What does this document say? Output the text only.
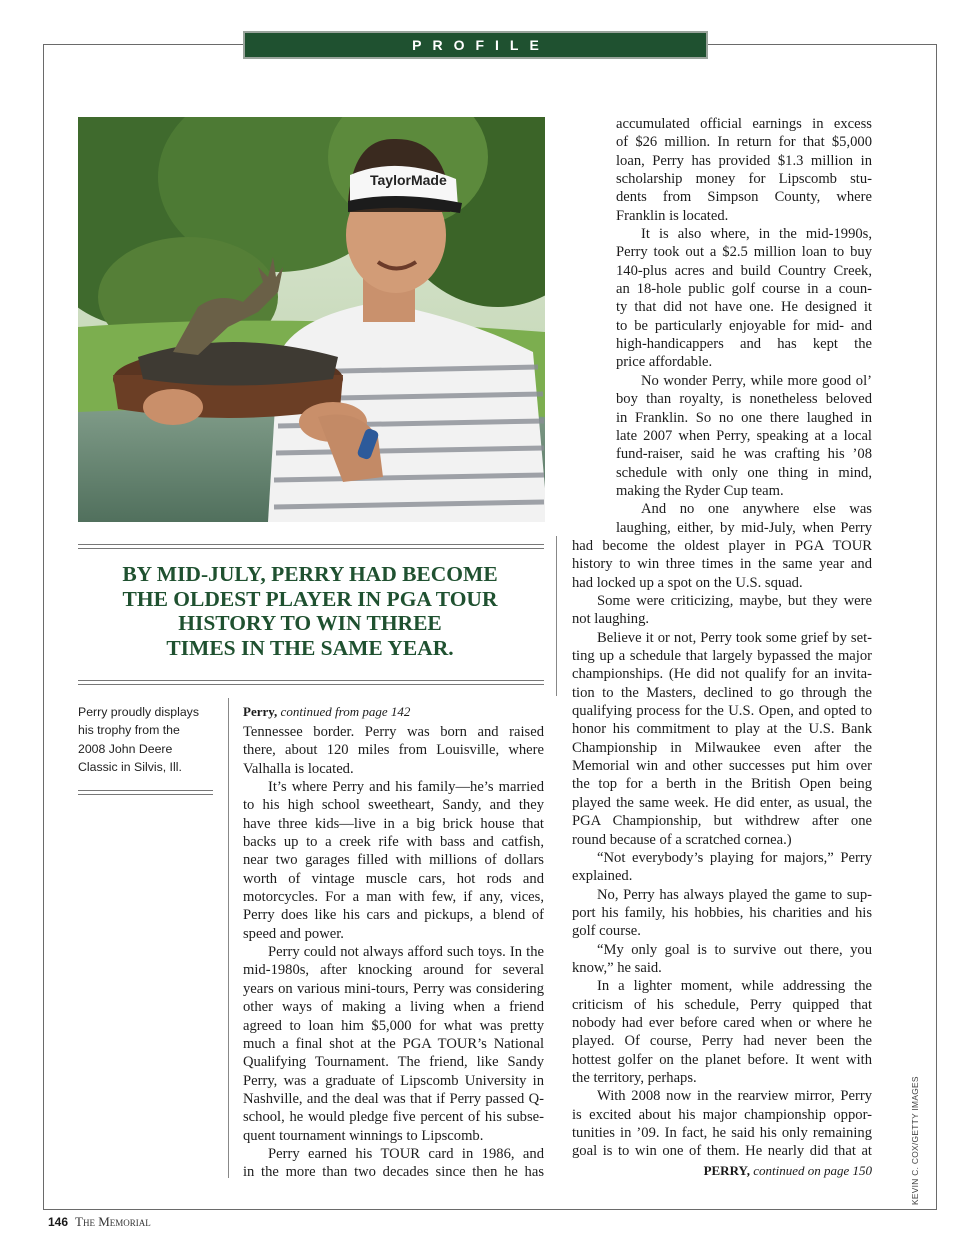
PROFILE
TaylorMade
BY MID-JULY, PERRY HAD BECOME
THE OLDEST PLAYER IN PGA TOUR
HISTORY TO WIN THREE
TIMES IN THE SAME YEAR.
Perry proudly displays
his trophy from the
2008 John Deere
Classic in Silvis, Ill.
Perry, continued from page 142
Tennessee border. Perry was born and raised
there, about 120 miles from Louisville, where
Valhalla is located.
It’s where Perry and his family—he’s married
to his high school sweetheart, Sandy, and they
have three kids—live in a big brick house that
backs up to a creek rife with bass and catfish,
near two garages filled with millions of dollars
worth of vintage muscle cars, hot rods and
motorcycles. For a man with few, if any, vices,
Perry does like his cars and pickups, a blend of
speed and power.
Perry could not always afford such toys. In the
mid-1980s, after knocking around for several
years on various mini-tours, Perry was considering
other ways of making a living when a friend
agreed to loan him $5,000 for what was pretty
much a final shot at the PGA TOUR’s National
Qualifying Tournament. The friend, like Sandy
Perry, was a graduate of Lipscomb University in
Nashville, and the deal was that if Perry passed Q-
school, he would pledge five percent of his subse-
quent tournament winnings to Lipscomb.
Perry earned his TOUR card in 1986, and
in the more than two decades since then he has
accumulated official earnings in excess
of $26 million. In return for that $5,000
loan, Perry has provided $1.3 million in
scholarship money for Lipscomb stu-
dents from Simpson County, where
Franklin is located.
It is also where, in the mid-1990s,
Perry took out a $2.5 million loan to buy
140-plus acres and build Country Creek,
an 18-hole public golf course in a coun-
ty that did not have one. He designed it
to be particularly enjoyable for mid- and
high-handicappers and has kept the
price affordable.
No wonder Perry, while more good ol’
boy than royalty, is nonetheless beloved
in Franklin. So no one there laughed in
late 2007 when Perry, speaking at a local
fund-raiser, said he was crafting his ’08
schedule with only one thing in mind,
making the Ryder Cup team.
And no one anywhere else was
laughing, either, by mid-July, when Perry
had become the oldest player in PGA TOUR
history to win three times in the same year and
had locked up a spot on the U.S. squad.
Some were criticizing, maybe, but they were
not laughing.
Believe it or not, Perry took some grief by set-
ting up a schedule that largely bypassed the major
championships. (He did not qualify for an invita-
tion to the Masters, declined to go through the
qualifying process for the U.S. Open, and opted to
honor his commitment to play at the U.S. Bank
Championship in Milwaukee even after the
Memorial win and other successes put him over
the top for a berth in the British Open being
played the same week. He did enter, as usual, the
PGA Championship, but withdrew after one
round because of a scratched cornea.)
“Not everybody’s playing for majors,” Perry
explained.
No, Perry has always played the game to sup-
port his family, his hobbies, his charities and his
golf course.
“My only goal is to survive out there, you
know,” he said.
In a lighter moment, while addressing the
criticism of his schedule, Perry quipped that
nobody had ever before cared when or where he
played. Of course, Perry had never been the
hottest golfer on the planet before. It went with
the territory, perhaps.
With 2008 now in the rearview mirror, Perry
is excited about his major championship oppor-
tunities in ’09. In fact, he said his only remaining
goal is to win one of them. He nearly did that at
PERRY, continued on page 150	KEVIN C. COX/GETTY IMAGES
146 The Memorial
